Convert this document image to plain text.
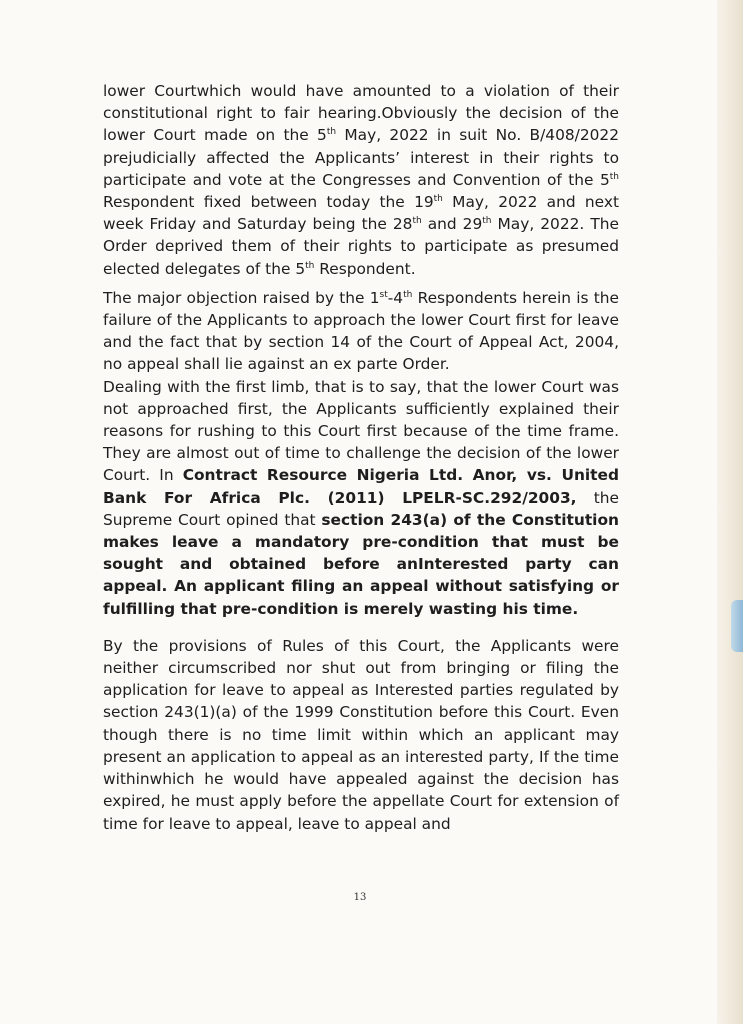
lower Courtwhich would have amounted to a violation of their constitutional right to fair hearing.Obviously the decision of the lower Court made on the 5th May, 2022 in suit No. B/408/2022 prejudicially affected the Applicants’ interest in their rights to participate and vote at the Congresses and Convention of the 5th Respondent fixed between today the 19th May, 2022 and next week Friday and Saturday being the 28th and 29th May, 2022. The Order deprived them of their rights to participate as presumed elected delegates of the 5th Respondent.

The major objection raised by the 1st-4th Respondents herein is the failure of the Applicants to approach the lower Court first for leave and the fact that by section 14 of the Court of Appeal Act, 2004, no appeal shall lie against an ex parte Order.

Dealing with the first limb, that is to say, that the lower Court was not approached first, the Applicants sufficiently explained their reasons for rushing to this Court first because of the time frame. They are almost out of time to challenge the decision of the lower Court. In Contract Resource Nigeria Ltd. Anor, vs. United Bank For Africa Plc. (2011) LPELR-SC.292/2003, the Supreme Court opined that section 243(a) of the Constitution makes leave a mandatory pre-condition that must be sought and obtained before anInterested party can appeal. An applicant filing an appeal without satisfying or fulfilling that pre-condition is merely wasting his time.

By the provisions of Rules of this Court, the Applicants were neither circumscribed nor shut out from bringing or filing the application for leave to appeal as Interested parties regulated by section 243(1)(a) of the 1999 Constitution before this Court. Even though there is no time limit within which an applicant may present an application to appeal as an interested party, If the time withinwhich he would have appealed against the decision has expired, he must apply before the appellate Court for extension of time for leave to appeal, leave to appeal and

13
